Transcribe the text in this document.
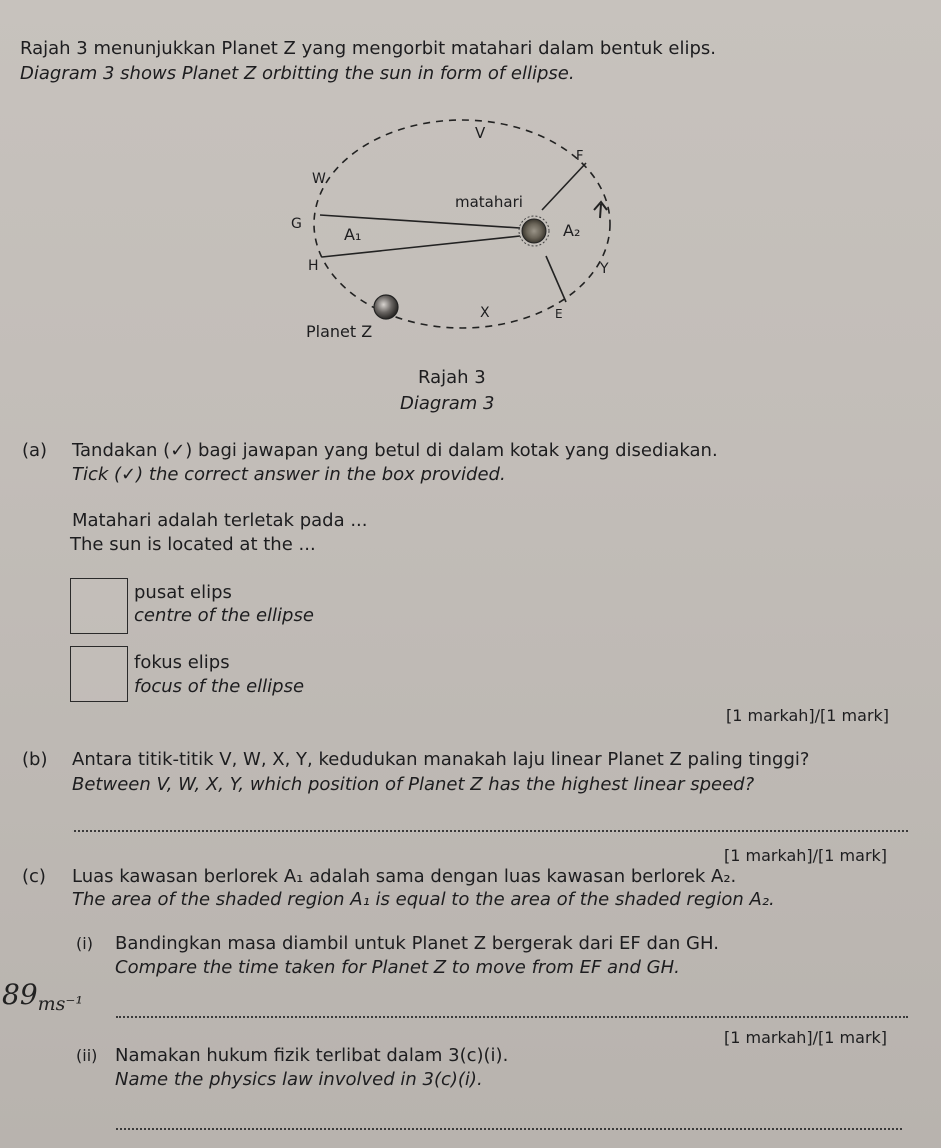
Rajah 3 menunjukkan Planet Z yang mengorbit matahari dalam bentuk elips.
Diagram 3 shows Planet Z orbitting the sun in form of ellipse.
V
F
W
matahari
G
A₁	A₂
H	Y
X	E
Planet Z
Rajah 3
Diagram 3
(a) Tandakan (✓) bagi jawapan yang betul di dalam kotak yang disediakan.
Tick (✓) the correct answer in the box provided.
Matahari adalah terletak pada ...
The sun is located at the ...
pusat elips
centre of the ellipse
fokus elips
focus of the ellipse
[1 markah]/[1 mark]
(b) Antara titik-titik V, W, X, Y, kedudukan manakah laju linear Planet Z paling tinggi?
Between V, W, X, Y, which position of Planet Z has the highest linear speed?
[1 markah]/[1 mark]
(c) Luas kawasan berlorek A₁ adalah sama dengan luas kawasan berlorek A₂.
The area of the shaded region A₁ is equal to the area of the shaded region A₂.
(i) Bandingkan masa diambil untuk Planet Z bergerak dari EF dan GH.
Compare the time taken for Planet Z to move from EF and GH.
$89_{ms^{-1}}$
[1 markah]/[1 mark]
(ii) Namakan hukum fizik terlibat dalam 3(c)(i).
Name the physics law involved in 3(c)(i).
